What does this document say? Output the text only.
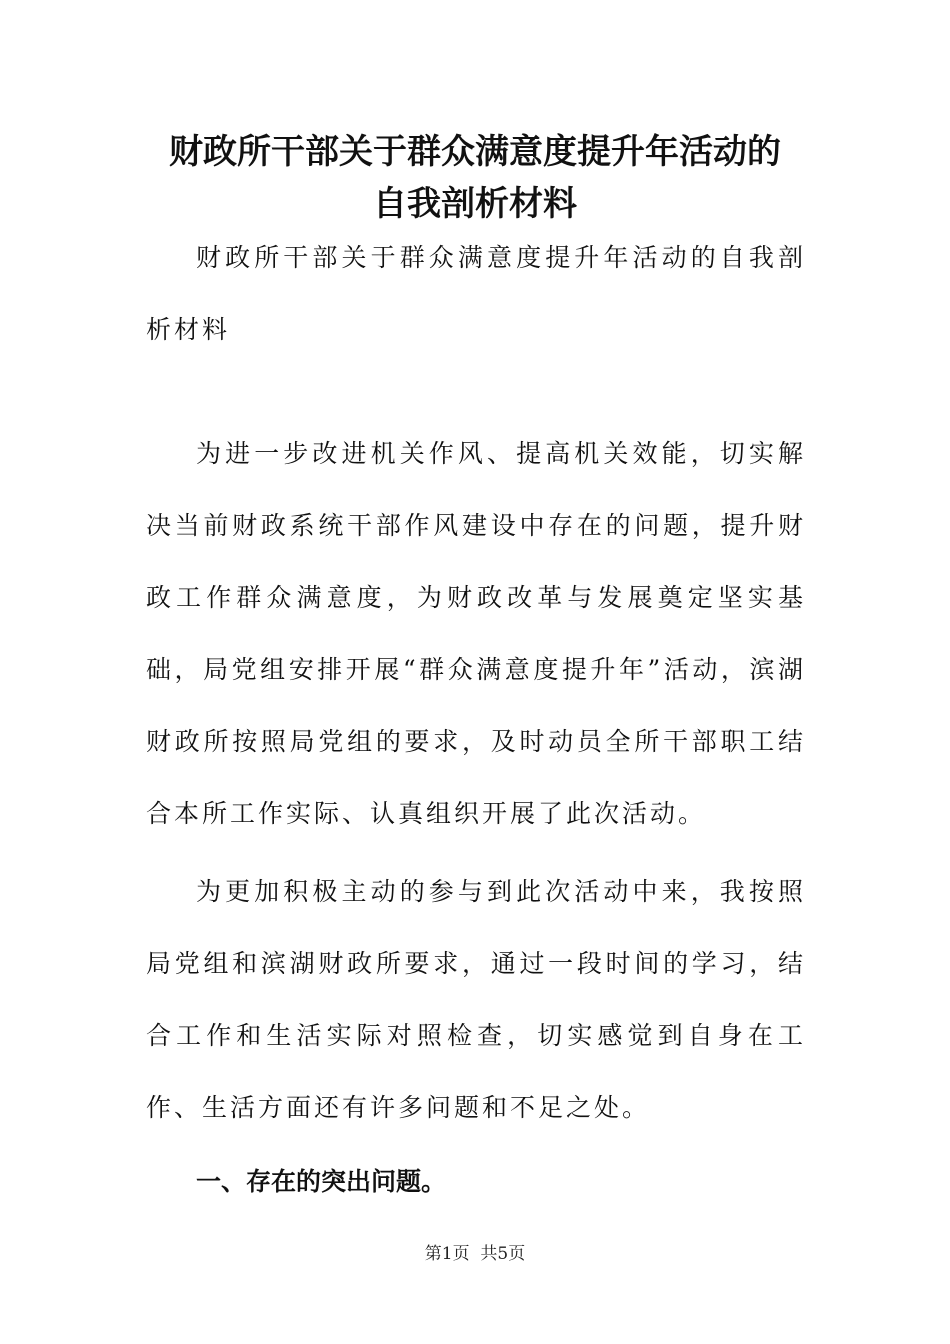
财政所干部关于群众满意度提升年活动的
自我剖析材料

财政所干部关于群众满意度提升年活动的自我剖析材料

为进一步改进机关作风、提高机关效能，切实解决当前财政系统干部作风建设中存在的问题，提升财政工作群众满意度，为财政改革与发展奠定坚实基础，局党组安排开展“群众满意度提升年”活动，滨湖财政所按照局党组的要求，及时动员全所干部职工结合本所工作实际、认真组织开展了此次活动。

为更加积极主动的参与到此次活动中来，我按照局党组和滨湖财政所要求，通过一段时间的学习，结合工作和生活实际对照检查，切实感觉到自身在工作、生活方面还有许多问题和不足之处。

一、存在的突出问题。

第1页 共5页
